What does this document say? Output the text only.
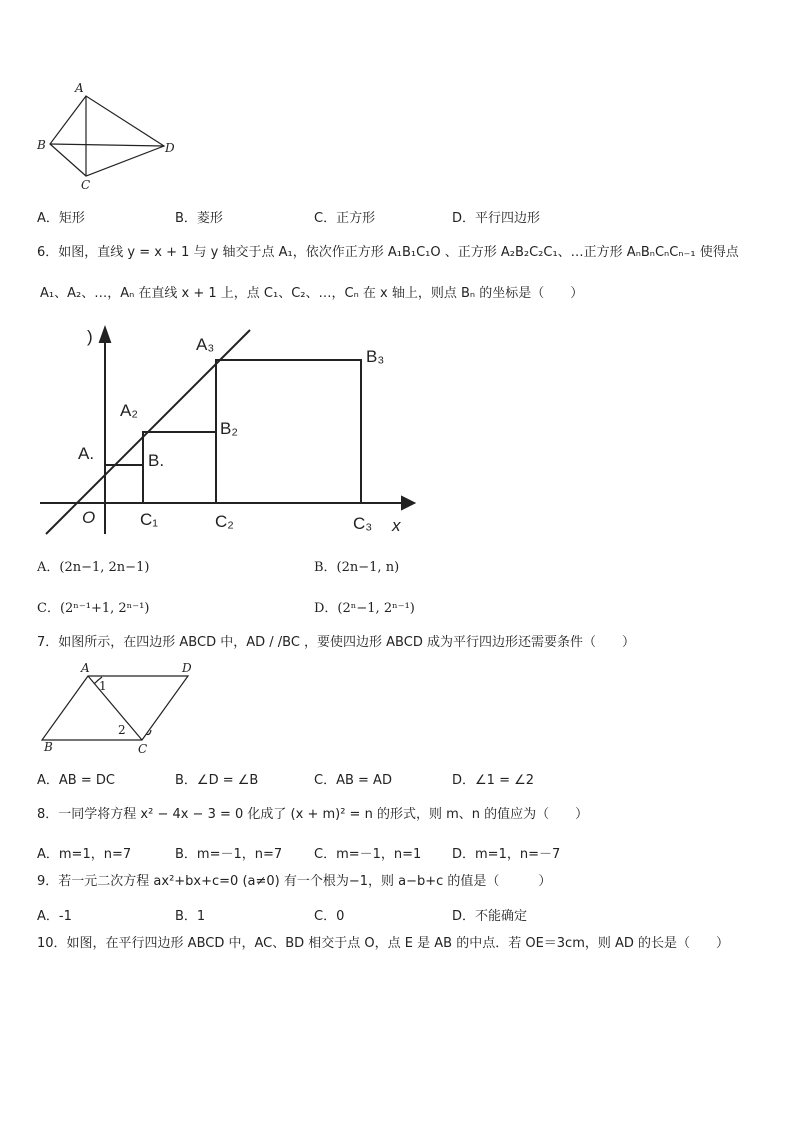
A
B
C
D
A．矩形	B．菱形	C．正方形	D．平行四边形
6．如图，直线 y = x + 1 与 y 轴交于点 A₁，依次作正方形 A₁B₁C₁O 、正方形 A₂B₂C₂C₁、…正方形 AₙBₙCₙCₙ₋₁ 使得点
A₁、A₂、…，Aₙ 在直线 x + 1 上，点 C₁、C₂、…，Cₙ 在 x 轴上，则点 Bₙ 的坐标是（　　）
)
x
O
A.
A₂
A₃
B.
B₂
B₃
C₁	C₂	C₃
A．(2n−1, 2n−1)	B．(2n−1, n)
C．(2ⁿ⁻¹+1, 2ⁿ⁻¹)	D．(2ⁿ−1, 2ⁿ⁻¹)
7．如图所示，在四边形 ABCD 中，AD / /BC ，要使四边形 ABCD 成为平行四边形还需要条件（　　）
A	D
B	C
1
2
A．AB = DC	B．∠D = ∠B	C．AB = AD	D．∠1 = ∠2
8．一同学将方程 x² − 4x − 3 = 0 化成了 (x + m)² = n 的形式，则 m、n 的值应为（　　）
A．m=1，n=7	B．m=－1，n=7 C．m=－1，n=1 D．m=1，n=－7
9．若一元二次方程 ax²+bx+c=0 (a≠0) 有一个根为−1，则 a−b+c 的值是（　　　）
A．-1	B．1	C．0	D．不能确定
10．如图，在平行四边形 ABCD 中，AC、BD 相交于点 O，点 E 是 AB 的中点．若 OE＝3cm，则 AD 的长是（　　）
